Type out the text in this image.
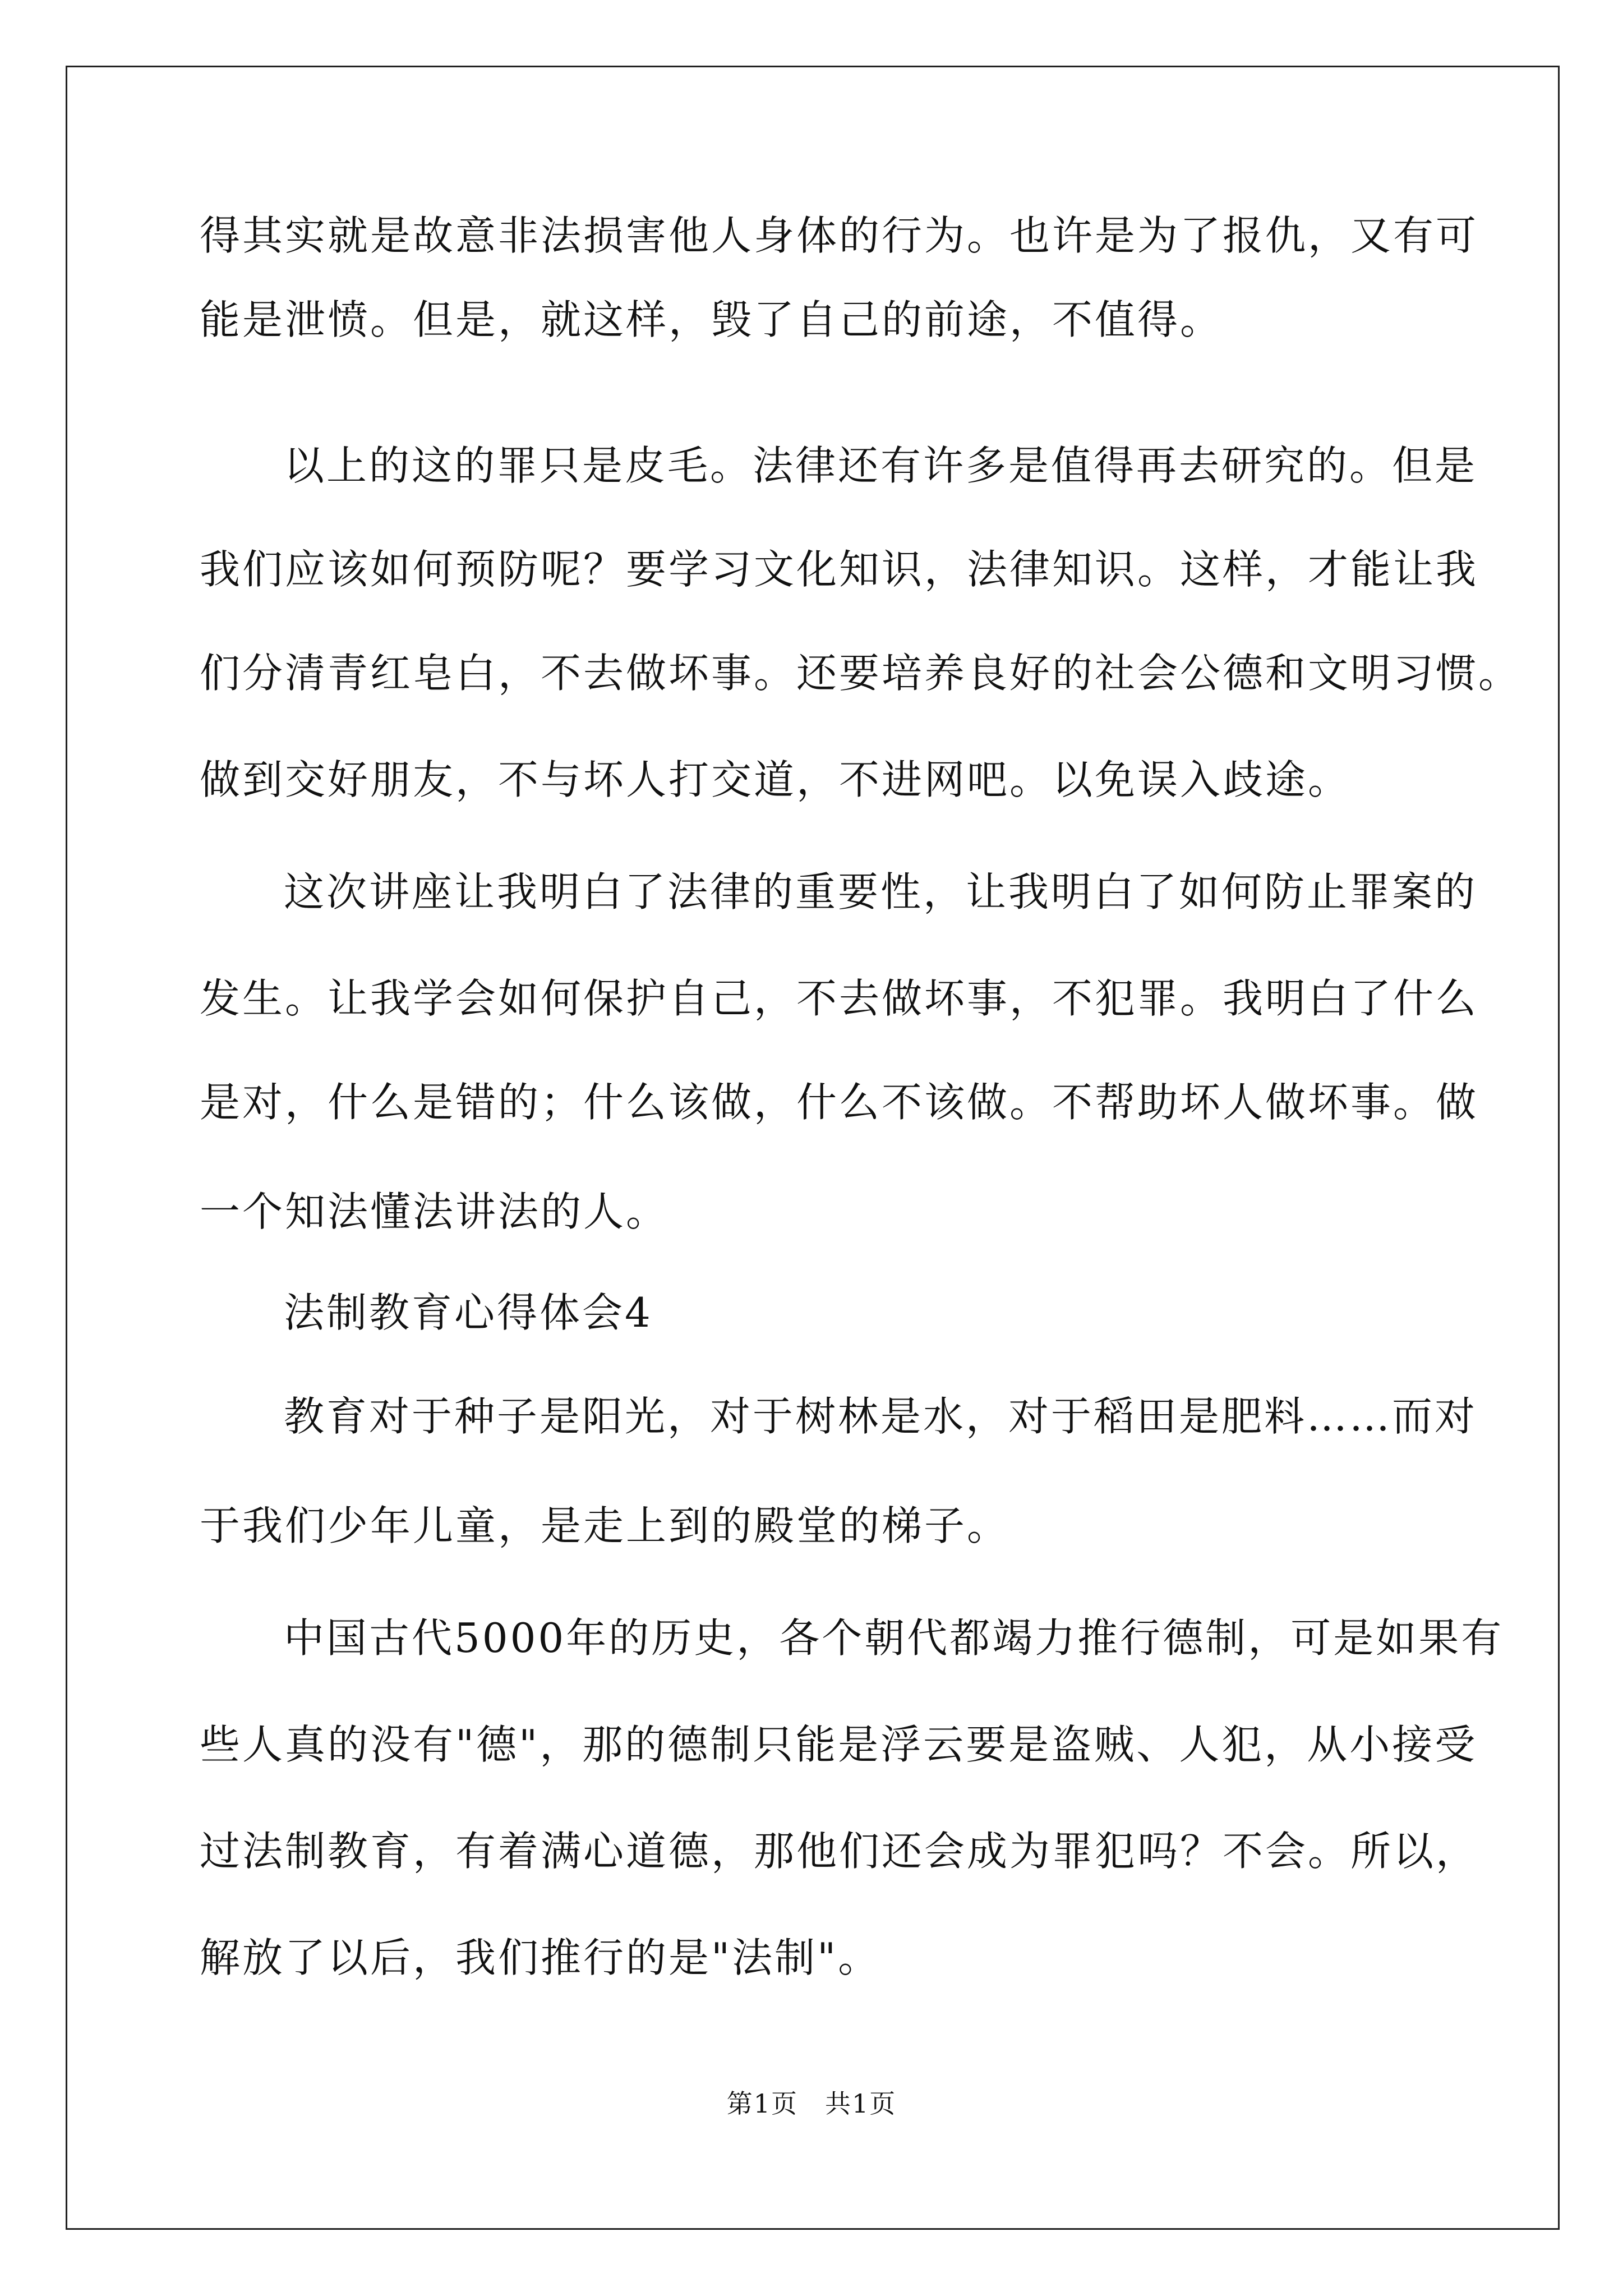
得其实就是故意非法损害他人身体的行为。也许是为了报仇，又有可
能是泄愤。但是，就这样，毁了自己的前途，不值得。
以上的这的罪只是皮毛。法律还有许多是值得再去研究的。但是
我们应该如何预防呢？要学习文化知识，法律知识。这样，才能让我
们分清青红皂白，不去做坏事。还要培养良好的社会公德和文明习惯。
做到交好朋友，不与坏人打交道，不进网吧。以免误入歧途。
这次讲座让我明白了法律的重要性，让我明白了如何防止罪案的
发生。让我学会如何保护自己，不去做坏事，不犯罪。我明白了什么
是对，什么是错的；什么该做，什么不该做。不帮助坏人做坏事。做
一个知法懂法讲法的人。
法制教育心得体会4
教育对于种子是阳光，对于树林是水，对于稻田是肥料……而对
于我们少年儿童，是走上到的殿堂的梯子。
中国古代5000年的历史，各个朝代都竭力推行德制，可是如果有
些人真的没有"德"，那的德制只能是浮云要是盗贼、人犯，从小接受
过法制教育，有着满心道德，那他们还会成为罪犯吗？不会。所以，
解放了以后，我们推行的是"法制"。
第1页　共1页
